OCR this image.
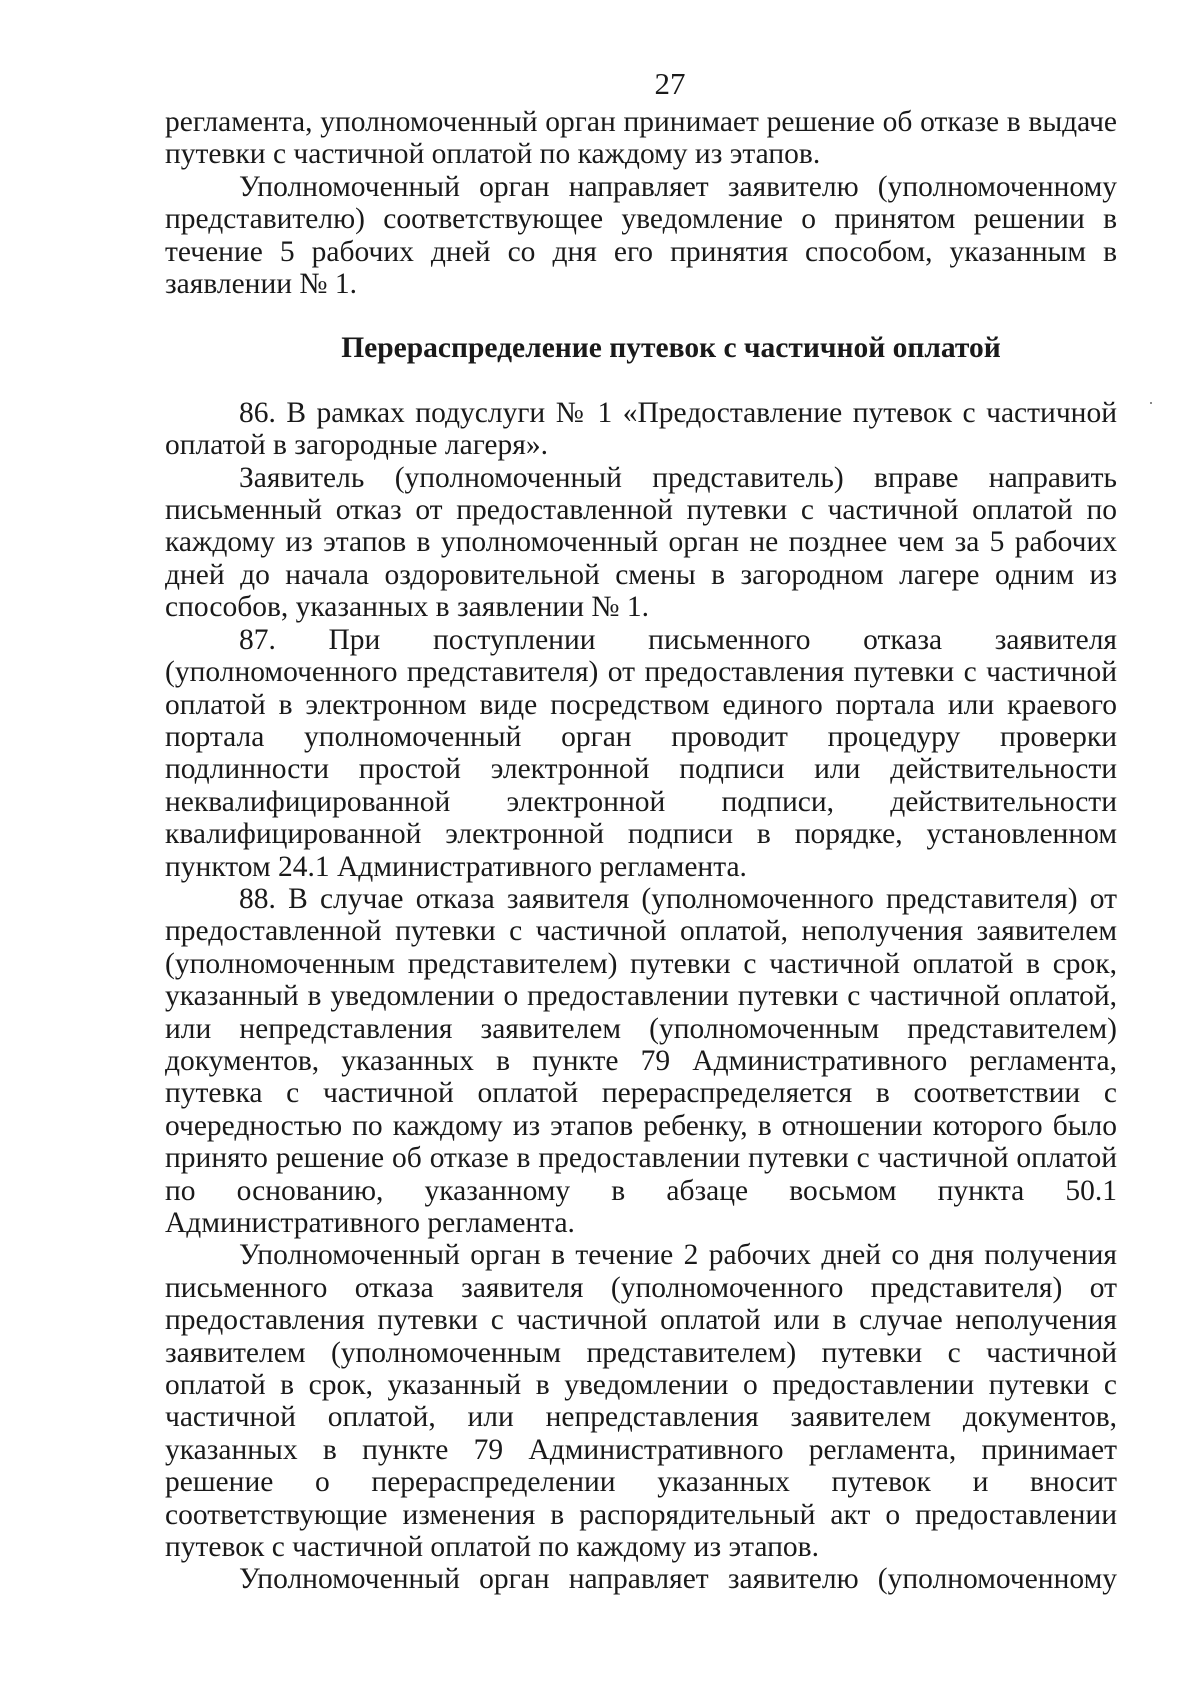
27

регламента, уполномоченный орган принимает решение об отказе в выдаче путевки с частичной оплатой по каждому из этапов.

Уполномоченный орган направляет заявителю (уполномоченному представителю) соответствующее уведомление о принятом решении в течение 5 рабочих дней со дня его принятия способом, указанным в заявлении № 1.

Перераспределение путевок с частичной оплатой

86. В рамках подуслуги № 1 «Предоставление путевок с частичной оплатой в загородные лагеря».

Заявитель (уполномоченный представитель) вправе направить письменный отказ от предоставленной путевки с частичной оплатой по каждому из этапов в уполномоченный орган не позднее чем за 5 рабочих дней до начала оздоровительной смены в загородном лагере одним из способов, указанных в заявлении № 1.

87. При поступлении письменного отказа заявителя (уполномоченного представителя) от предоставления путевки с частичной оплатой в электронном виде посредством единого портала или краевого портала уполномоченный орган проводит процедуру проверки подлинности простой электронной подписи или действительности неквалифицированной электронной подписи, действительности квалифицированной электронной подписи в порядке, установленном пунктом 24.1 Административного регламента.

88. В случае отказа заявителя (уполномоченного представителя) от предоставленной путевки с частичной оплатой, неполучения заявителем (уполномоченным представителем) путевки с частичной оплатой в срок, указанный в уведомлении о предоставлении путевки с частичной оплатой, или непредставления заявителем (уполномоченным представителем) документов, указанных в пункте 79 Административного регламента, путевка с частичной оплатой перераспределяется в соответствии с очередностью по каждому из этапов ребенку, в отношении которого было принято решение об отказе в предоставлении путевки с частичной оплатой по основанию, указанному в абзаце восьмом пункта 50.1 Административного регламента.

Уполномоченный орган в течение 2 рабочих дней со дня получения письменного отказа заявителя (уполномоченного представителя) от предоставления путевки с частичной оплатой или в случае неполучения заявителем (уполномоченным представителем) путевки с частичной оплатой в срок, указанный в уведомлении о предоставлении путевки с частичной оплатой, или непредставления заявителем документов, указанных в пункте 79 Административного регламента, принимает решение о перераспределении указанных путевок и вносит соответствующие изменения в распорядительный акт о предоставлении путевок с частичной оплатой по каждому из этапов.

Уполномоченный орган направляет заявителю (уполномоченному
